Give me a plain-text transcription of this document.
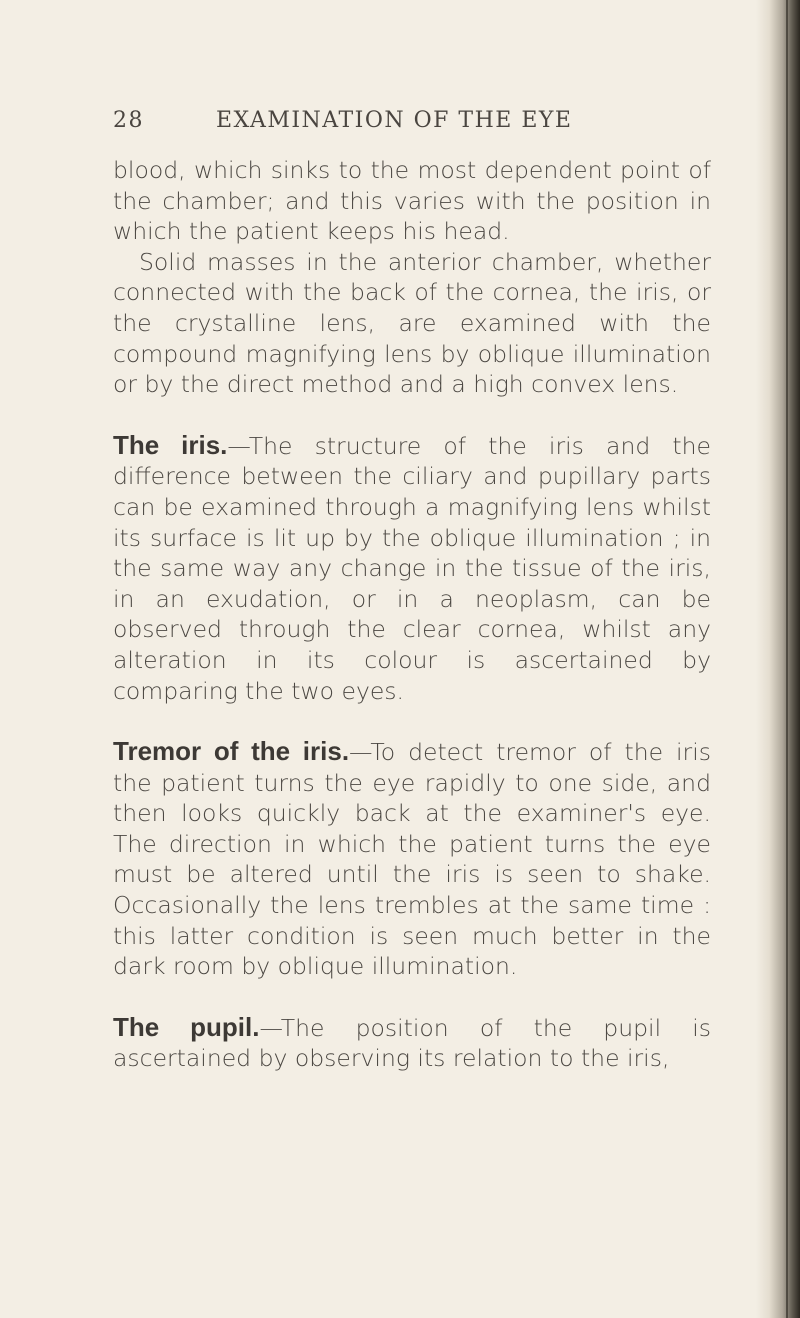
28	EXAMINATION OF THE EYE

blood, which sinks to the most dependent point of the chamber; and this varies with the position in which the patient keeps his head.

Solid masses in the anterior chamber, whether connected with the back of the cornea, the iris, or the crystalline lens, are examined with the compound magnifying lens by oblique illumination or by the direct method and a high convex lens.

The iris.—The structure of the iris and the difference between the ciliary and pupillary parts can be examined through a magnifying lens whilst its surface is lit up by the oblique illumination ; in the same way any change in the tissue of the iris, in an exudation, or in a neoplasm, can be observed through the clear cornea, whilst any alteration in its colour is ascertained by comparing the two eyes.

Tremor of the iris.—To detect tremor of the iris the patient turns the eye rapidly to one side, and then looks quickly back at the examiner's eye. The direction in which the patient turns the eye must be altered until the iris is seen to shake. Occasionally the lens trembles at the same time : this latter condition is seen much better in the dark room by oblique illumination.

The pupil.—The position of the pupil is ascertained by observing its relation to the iris,
